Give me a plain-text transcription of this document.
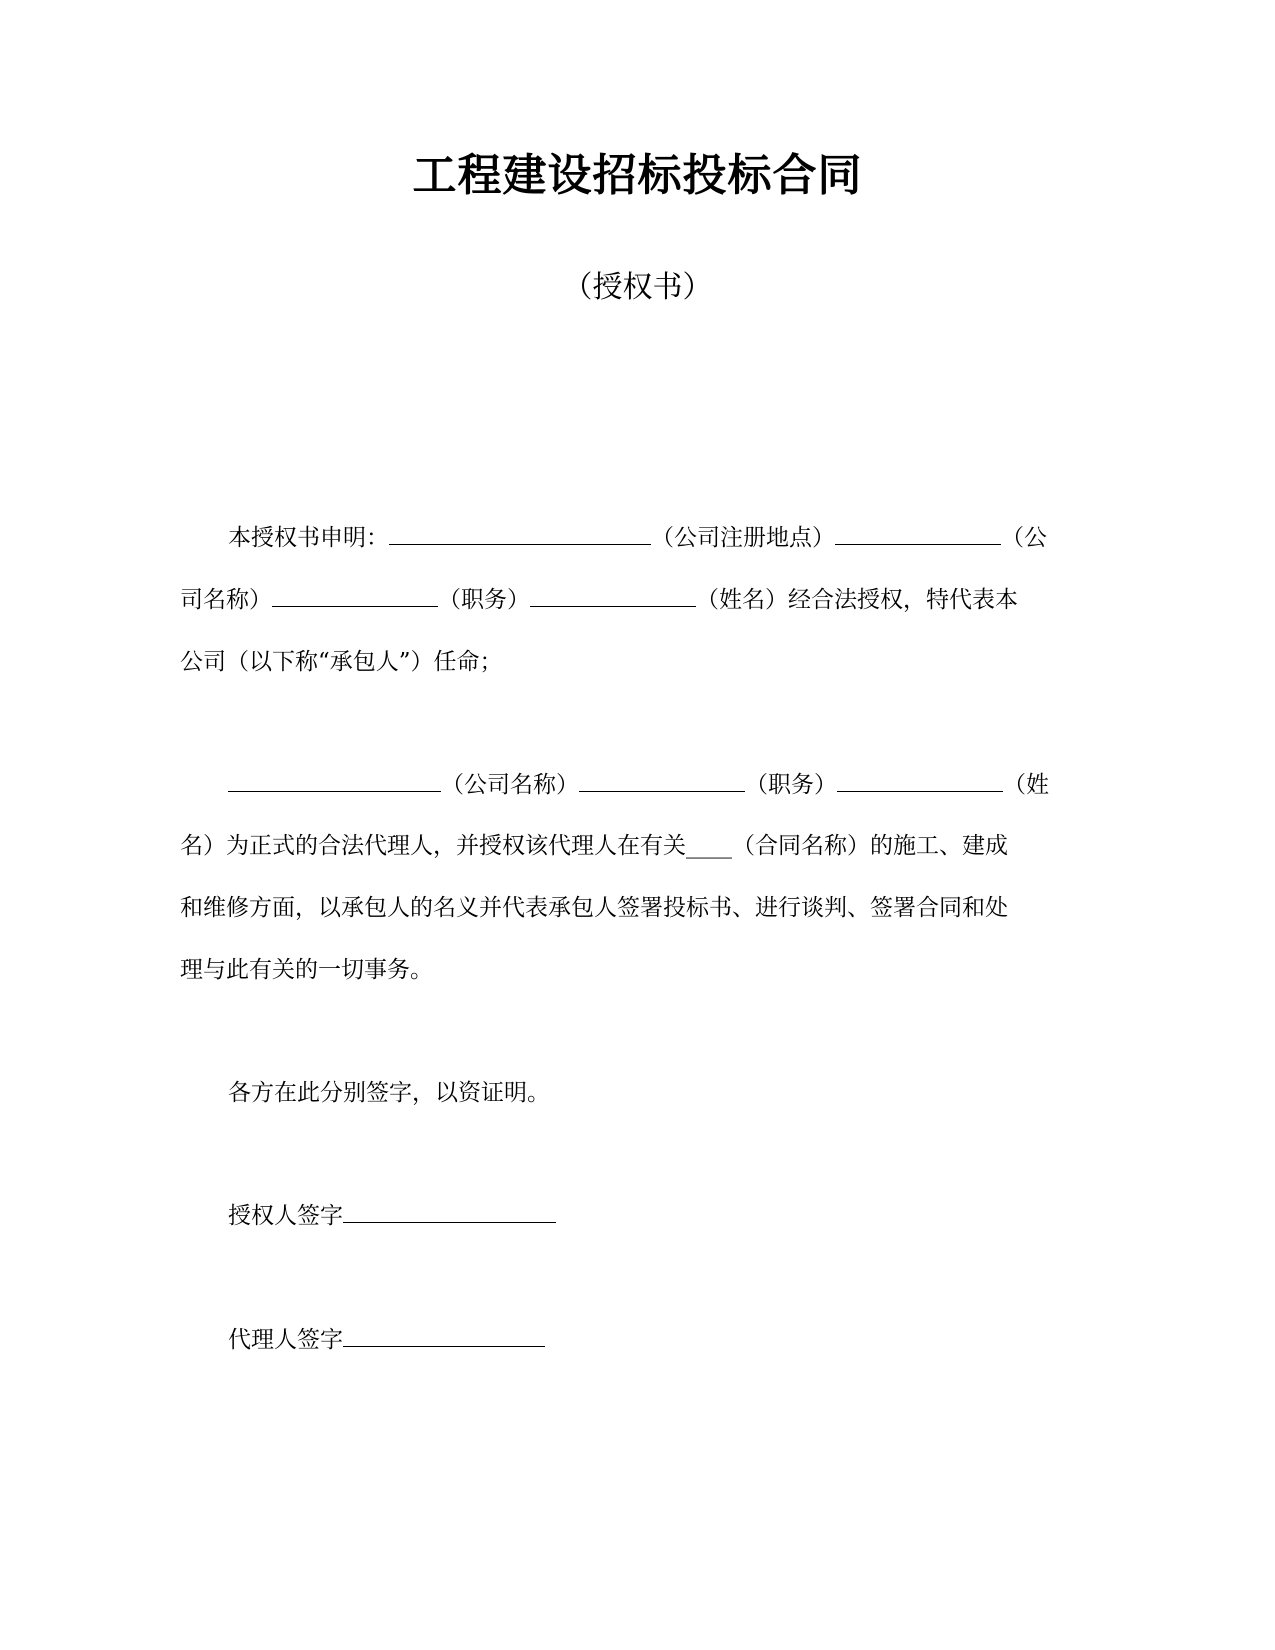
工程建设招标投标合同
（授权书）
本授权书申明：	（公司注册地点）	（公
司名称）	（职务）	（姓名）经合法授权，特代表本
公司（以下称“承包人”）任命；
（公司名称）	（职务）	（姓
名）为正式的合法代理人，并授权该代理人在有关____（合同名称）的施工、建成
和维修方面，以承包人的名义并代表承包人签署投标书、进行谈判、签署合同和处
理与此有关的一切事务。
各方在此分别签字，以资证明。
授权人签字
代理人签字
